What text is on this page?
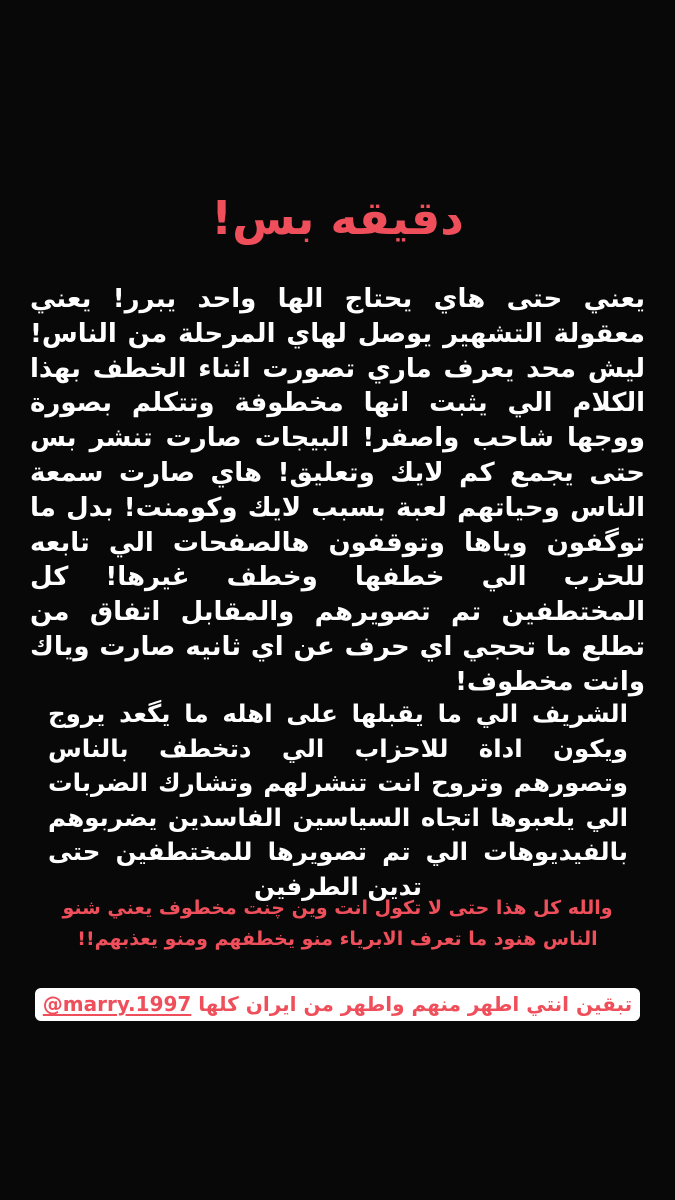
دقيقه بس!

يعني حتى هاي يحتاج الها واحد يبرر! يعني معقولة التشهير يوصل لهاي المرحلة من الناس! ليش محد يعرف ماري تصورت اثناء الخطف بهذا الكلام الي يثبت انها مخطوفة وتتكلم بصورة ووجها شاحب واصفر! البيجات صارت تنشر بس حتى يجمع كم لايك وتعليق! هاي صارت سمعة الناس وحياتهم لعبة بسبب لايك وكومنت! بدل ما توگفون وياها وتوقفون هالصفحات الي تابعه للحزب الي خطفها وخطف غيرها! كل المختطفين تم تصويرهم والمقابل اتفاق من تطلع ما تحجي اي حرف عن اي ثانيه صارت وياك وانت مخطوف!

الشريف الي ما يقبلها على اهله ما يگعد يروج ويكون اداة للاحزاب الي دتخطف بالناس وتصورهم وتروح انت تنشرلهم وتشارك الضربات الي يلعبوها اتجاه السياسين الفاسدين يضربوهم بالفيديوهات الي تم تصويرها للمختطفين حتى تدين الطرفين

والله كل هذا حتى لا تكول انت وين چنت مخطوف يعني شنو الناس هنود ما تعرف الابرياء منو يخطفهم ومنو يعذبهم!!

@marry.1997 تبقين انتي اطهر منهم واطهر من ايران كلها
